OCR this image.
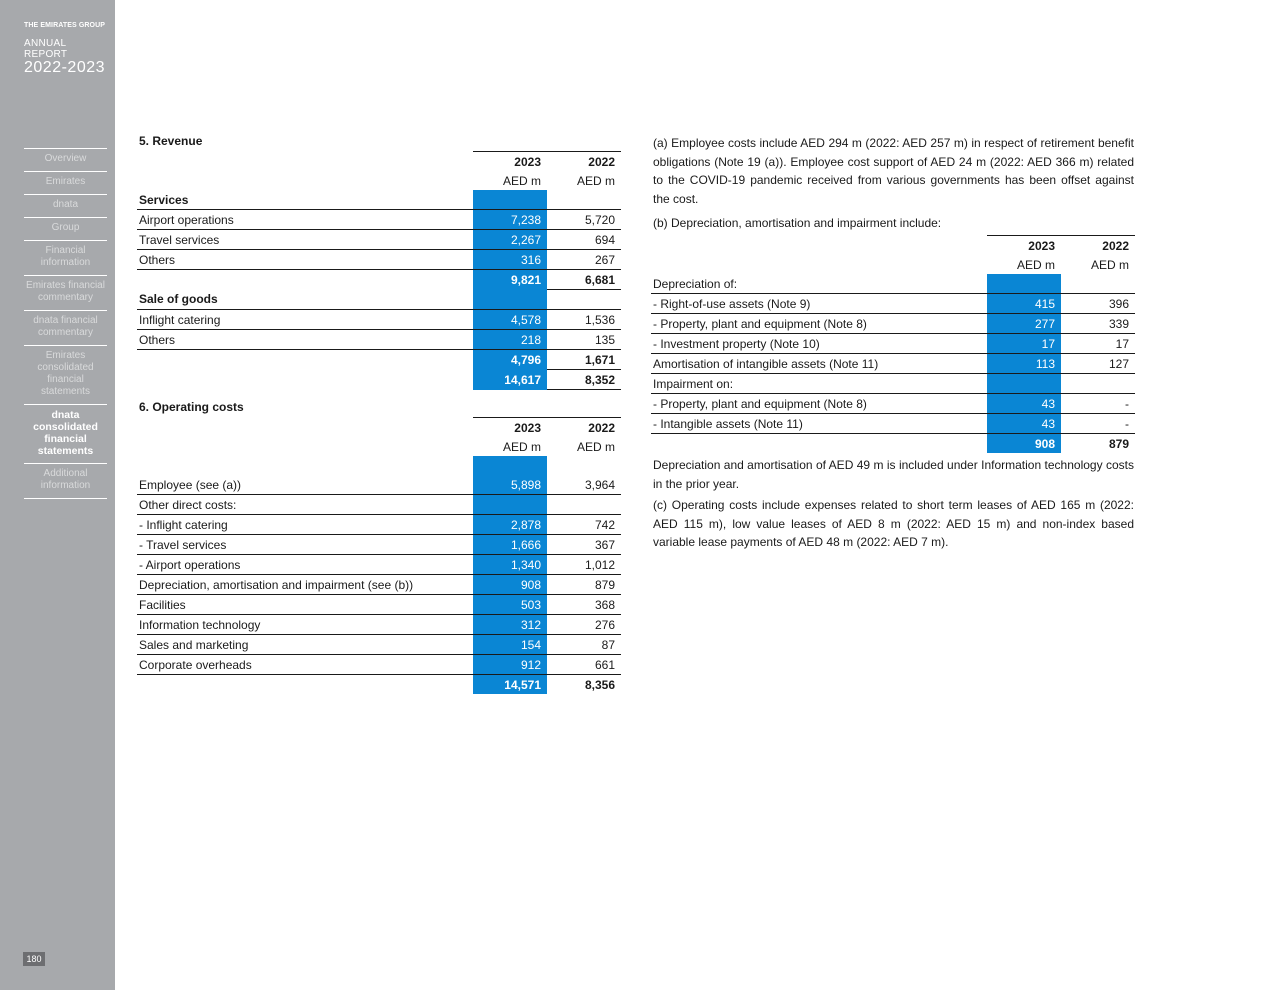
THE EMIRATES GROUP
ANNUAL REPORT
2022-2023
Overview
Emirates
dnata
Group
Financial information
Emirates financial commentary
dnata financial commentary
Emirates consolidated financial statements
dnata consolidated financial statements
Additional information
180
5. Revenue
	2023	2022
	AED m	AED m
Services		
Airport operations	7,238	5,720
Travel services	2,267	694
Others	316	267
	9,821	6,681
Sale of goods		
Inflight catering	4,578	1,536
Others	218	135
	4,796	1,671
	14,617	8,352
6. Operating costs
	2023	2022
	AED m	AED m

Employee (see (a))	5,898	3,964
Other direct costs:		
- Inflight catering	2,878	742
- Travel services	1,666	367
- Airport operations	1,340	1,012
Depreciation, amortisation and impairment (see (b))	908	879
Facilities	503	368
Information technology	312	276
Sales and marketing	154	87
Corporate overheads	912	661
	14,571	8,356
(a) Employee costs include AED 294 m (2022: AED 257 m) in respect of retirement benefit obligations (Note 19 (a)). Employee cost support of AED 24 m (2022: AED 366 m) related to the COVID-19 pandemic received from various governments has been offset against the cost.
(b) Depreciation, amortisation and impairment include:
	2023	2022
	AED m	AED m
Depreciation of:		
- Right-of-use assets (Note 9)	415	396
- Property, plant and equipment (Note 8)	277	339
- Investment property (Note 10)	17	17
Amortisation of intangible assets (Note 11)	113	127
Impairment on:		
- Property, plant and equipment (Note 8)	43	-
- Intangible assets (Note 11)	43	-
	908	879
Depreciation and amortisation of AED 49 m is included under Information technology costs in the prior year.
(c) Operating costs include expenses related to short term leases of AED 165 m (2022: AED 115 m), low value leases of AED 8 m (2022: AED 15 m) and non-index based variable lease payments of AED 48 m (2022: AED 7 m).
